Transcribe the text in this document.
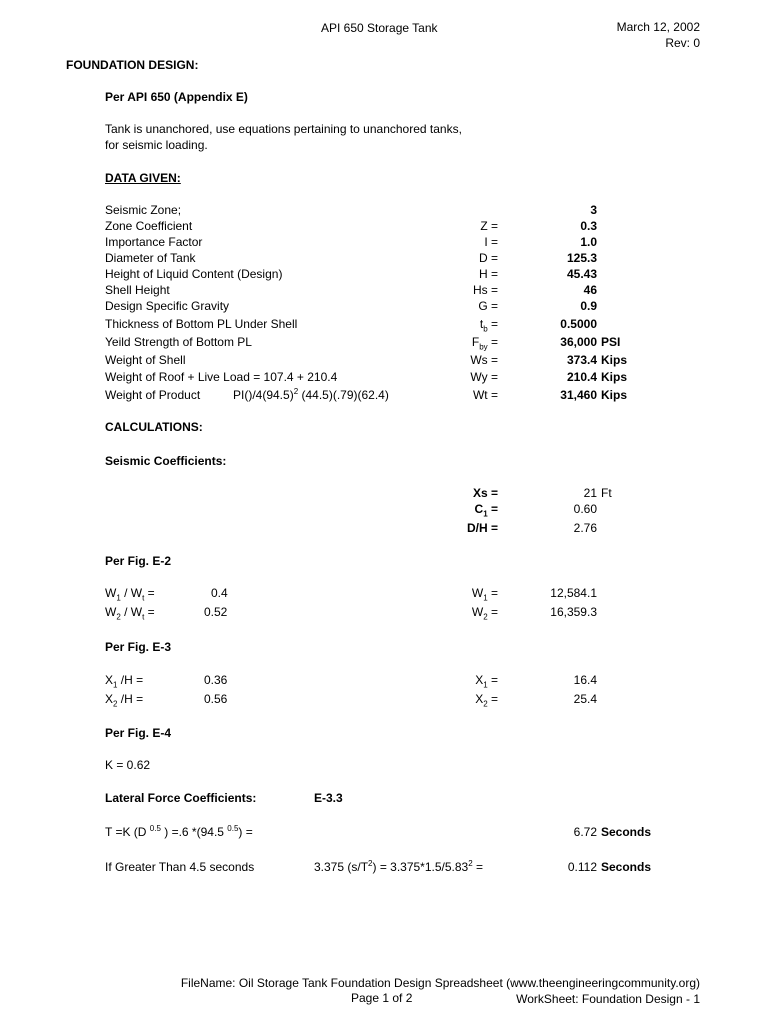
API 650 Storage Tank	March 12, 2002
Rev: 0
FOUNDATION DESIGN:
Per API 650 (Appendix E)
Tank is unanchored, use equations pertaining to unanchored tanks,
for seismic loading.
DATA GIVEN:
Seismic Zone;	3
Zone Coefficient	Z =	0.3
Importance Factor	I =	1.0
Diameter of Tank	D =	125.3
Height of Liquid Content (Design)	H =	45.43
Shell Height	Hs =	46
Design Specific Gravity	G =	0.9
Thickness of Bottom PL Under Shell	$t_b$ =	0.5000
Yeild Strength of Bottom PL	$F_{by}$ =	36,000 PSI
Weight of Shell	Ws =	373.4 Kips
Weight of Roof + Live Load = 107.4 + 210.4	Wy =	210.4 Kips
Weight of Product	$PI()/4(94.5)^2$ (44.5)(.79)(62.4)	Wt =	31,460 Kips
CALCULATIONS:
Seismic Coefficients:
Xs =	21 Ft
$C_1$ =	0.60
D/H =	2.76
Per Fig. E-2
$W_1 / W_t$ =	0.4	$W_1$ =	12,584.1
$W_2 / W_t$ =	0.52	$W_2$ =	16,359.3
Per Fig. E-3
$X_1$ /H =	0.36	$X_1$ =	16.4
$X_2$ /H =	0.56	$X_2$ =	25.4
Per Fig. E-4
K = 0.62
Lateral Force Coefficients:	E-3.3
T =K (D $^{0.5}$ ) =.6 *(94.5 $^{0.5}$) =	6.72 Seconds
If Greater Than 4.5 seconds	3.375 $(s/T^2) = 3.375*1.5/5.83^2$ =	0.112 Seconds
FileName: Oil Storage Tank Foundation Design Spreadsheet (www.theengineeringcommunity.org)
Page 1 of 2	WorkSheet: Foundation Design - 1
